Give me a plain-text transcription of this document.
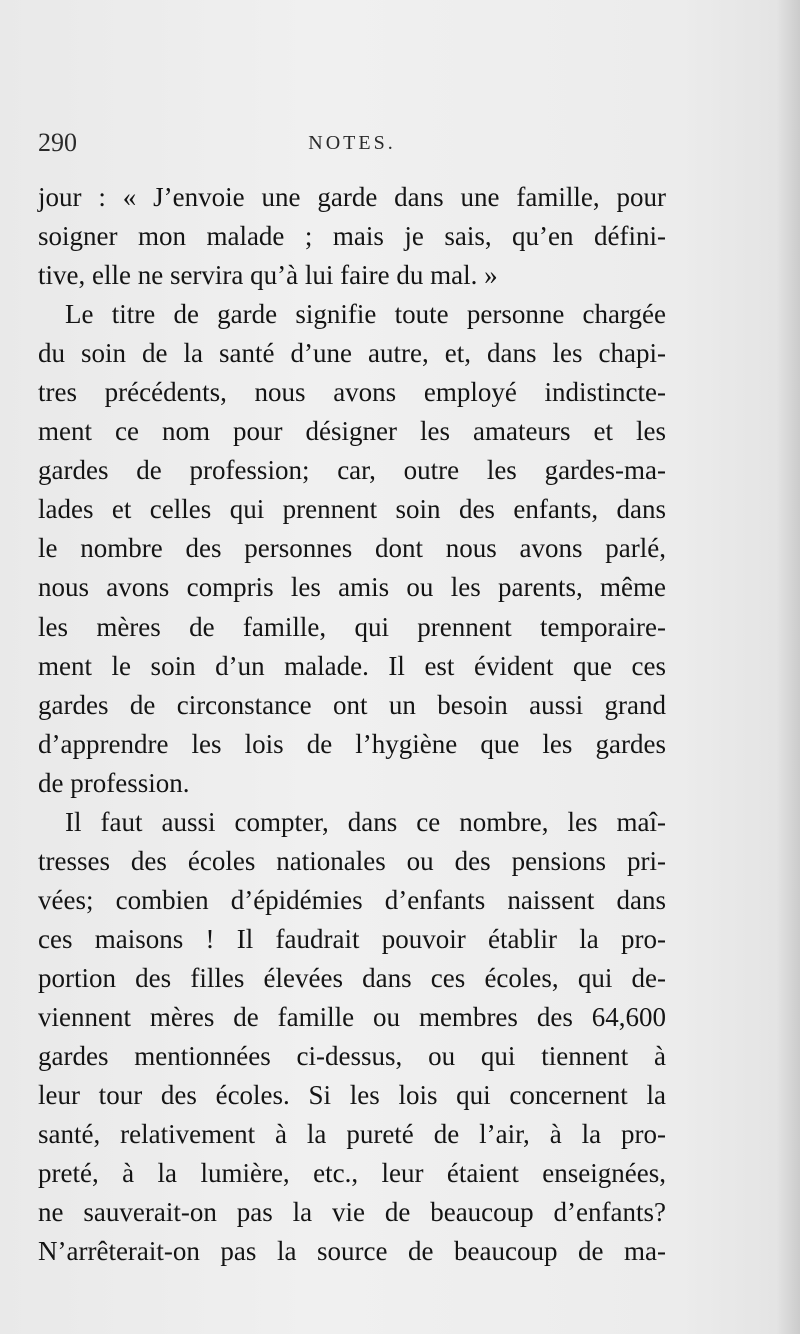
290	NOTES.
jour : « J’envoie une garde dans une famille, pour
soigner mon malade ; mais je sais, qu’en défini-
tive, elle ne servira qu’à lui faire du mal. »
Le titre de garde signifie toute personne chargée
du soin de la santé d’une autre, et, dans les chapi-
tres précédents, nous avons employé indistincte-
ment ce nom pour désigner les amateurs et les
gardes de profession; car, outre les gardes-ma-
lades et celles qui prennent soin des enfants, dans
le nombre des personnes dont nous avons parlé,
nous avons compris les amis ou les parents, même
les mères de famille, qui prennent temporaire-
ment le soin d’un malade. Il est évident que ces
gardes de circonstance ont un besoin aussi grand
d’apprendre les lois de l’hygiène que les gardes
de profession.
Il faut aussi compter, dans ce nombre, les maî-
tresses des écoles nationales ou des pensions pri-
vées; combien d’épidémies d’enfants naissent dans
ces maisons ! Il faudrait pouvoir établir la pro-
portion des filles élevées dans ces écoles, qui de-
viennent mères de famille ou membres des 64,600
gardes mentionnées ci-dessus, ou qui tiennent à
leur tour des écoles. Si les lois qui concernent la
santé, relativement à la pureté de l’air, à la pro-
preté, à la lumière, etc., leur étaient enseignées,
ne sauverait-on pas la vie de beaucoup d’enfants?
N’arrêterait-on pas la source de beaucoup de ma-
